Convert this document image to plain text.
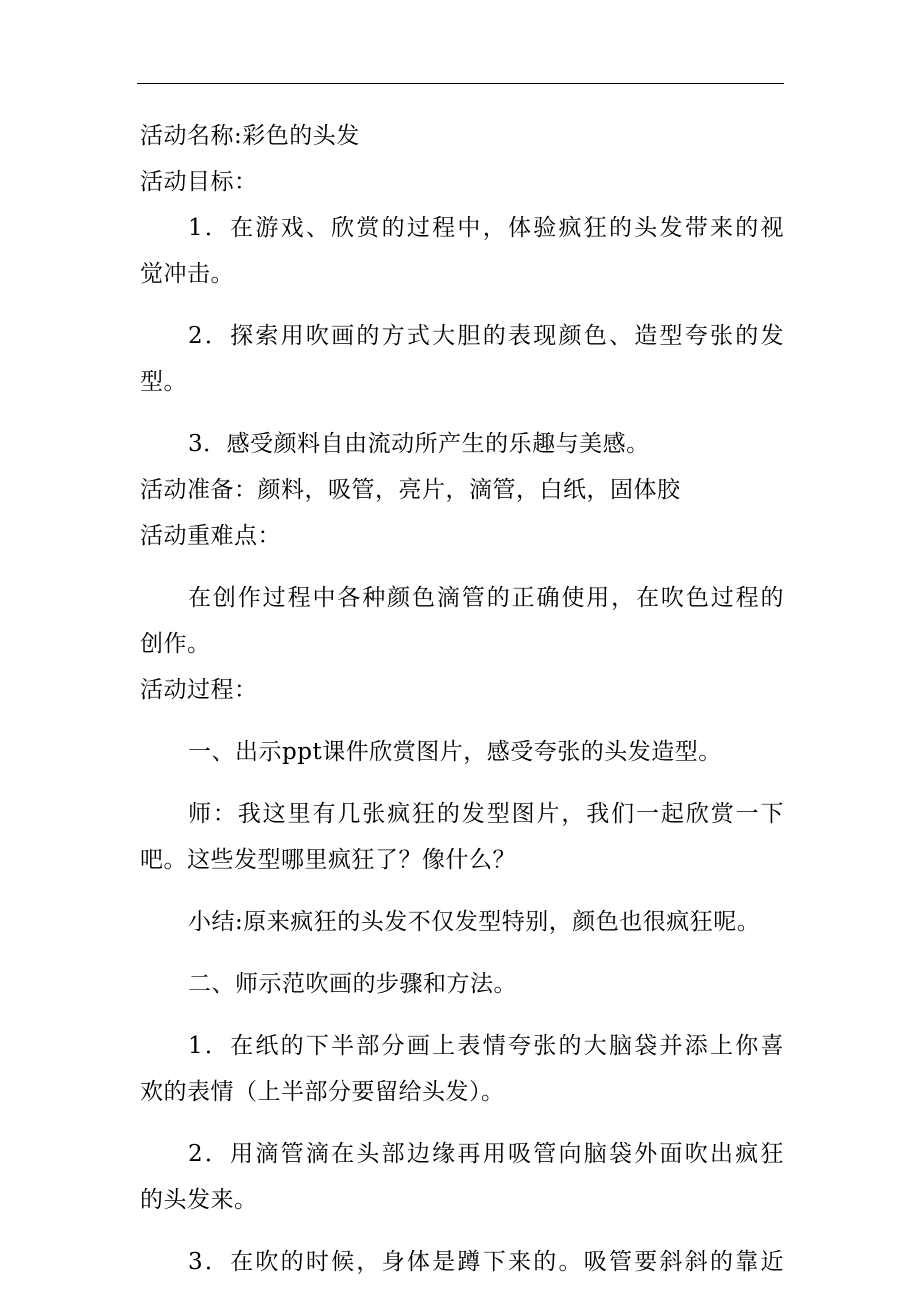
活动名称:彩色的头发
活动目标：
1．在游戏、欣赏的过程中，体验疯狂的头发带来的视
觉冲击。
2．探索用吹画的方式大胆的表现颜色、造型夸张的发
型。
3．感受颜料自由流动所产生的乐趣与美感。
活动准备：颜料，吸管，亮片，滴管，白纸，固体胶
活动重难点：
在创作过程中各种颜色滴管的正确使用，在吹色过程的
创作。
活动过程：
一、出示ppt课件欣赏图片，感受夸张的头发造型。
师：我这里有几张疯狂的发型图片，我们一起欣赏一下
吧。这些发型哪里疯狂了？像什么？
小结:原来疯狂的头发不仅发型特别，颜色也很疯狂呢。
二、师示范吹画的步骤和方法。
1．在纸的下半部分画上表情夸张的大脑袋并添上你喜
欢的表情（上半部分要留给头发）。
2．用滴管滴在头部边缘再用吸管向脑袋外面吹出疯狂
的头发来。
3．在吹的时候，身体是蹲下来的。吸管要斜斜的靠近
